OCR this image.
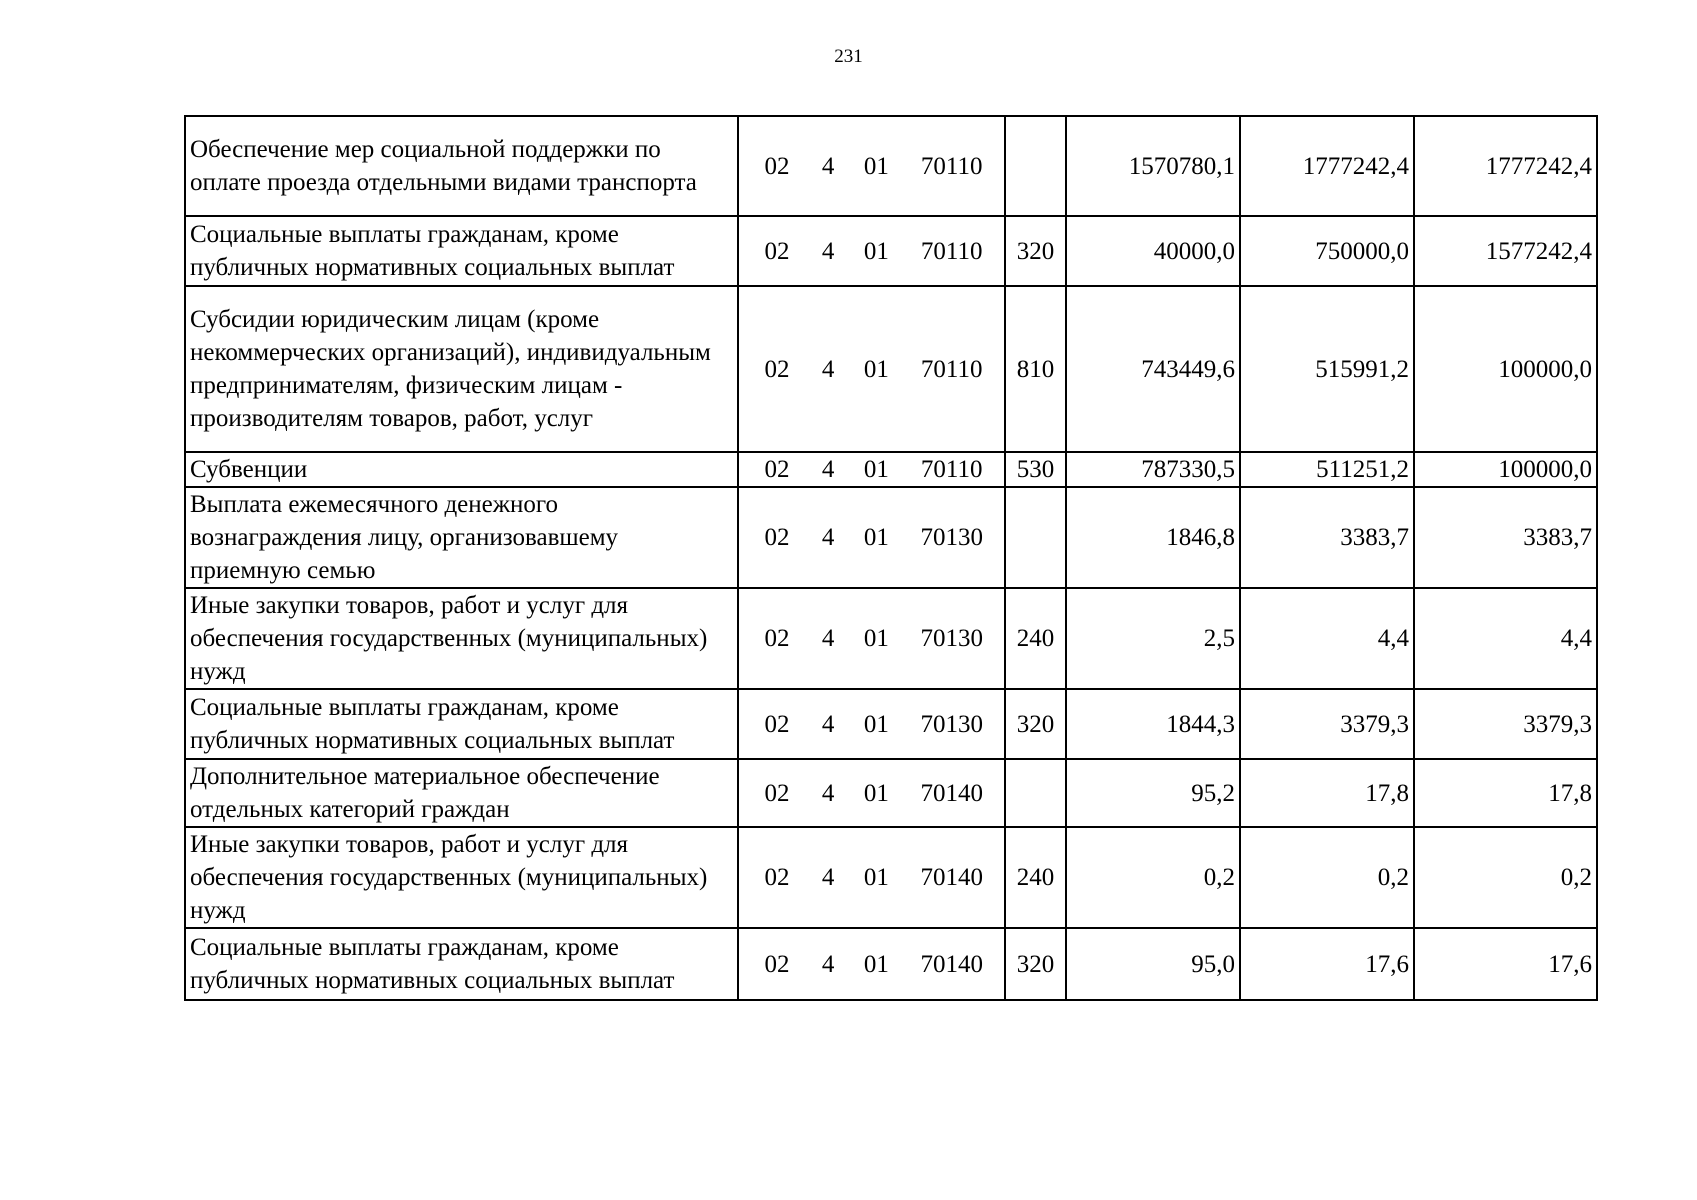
231
Обеспечение мер социальной поддержки по оплате проезда отдельными видами транспорта	02 4 01 70110		1570780,1	1777242,4	1777242,4
Социальные выплаты гражданам, кроме публичных нормативных социальных выплат	02 4 01 70110	320	40000,0	750000,0	1577242,4
Субсидии юридическим лицам (кроме некоммерческих организаций), индивидуальным предпринимателям, физическим лицам - производителям товаров, работ, услуг	02 4 01 70110	810	743449,6	515991,2	100000,0
Субвенции	02 4 01 70110	530	787330,5	511251,2	100000,0
Выплата ежемесячного денежного вознаграждения лицу, организовавшему приемную семью	02 4 01 70130		1846,8	3383,7	3383,7
Иные закупки товаров, работ и услуг для обеспечения государственных (муниципальных) нужд	02 4 01 70130	240	2,5	4,4	4,4
Социальные выплаты гражданам, кроме публичных нормативных социальных выплат	02 4 01 70130	320	1844,3	3379,3	3379,3
Дополнительное материальное обеспечение отдельных категорий граждан	02 4 01 70140		95,2	17,8	17,8
Иные закупки товаров, работ и услуг для обеспечения государственных (муниципальных) нужд	02 4 01 70140	240	0,2	0,2	0,2
Социальные выплаты гражданам, кроме публичных нормативных социальных выплат	02 4 01 70140	320	95,0	17,6	17,6
